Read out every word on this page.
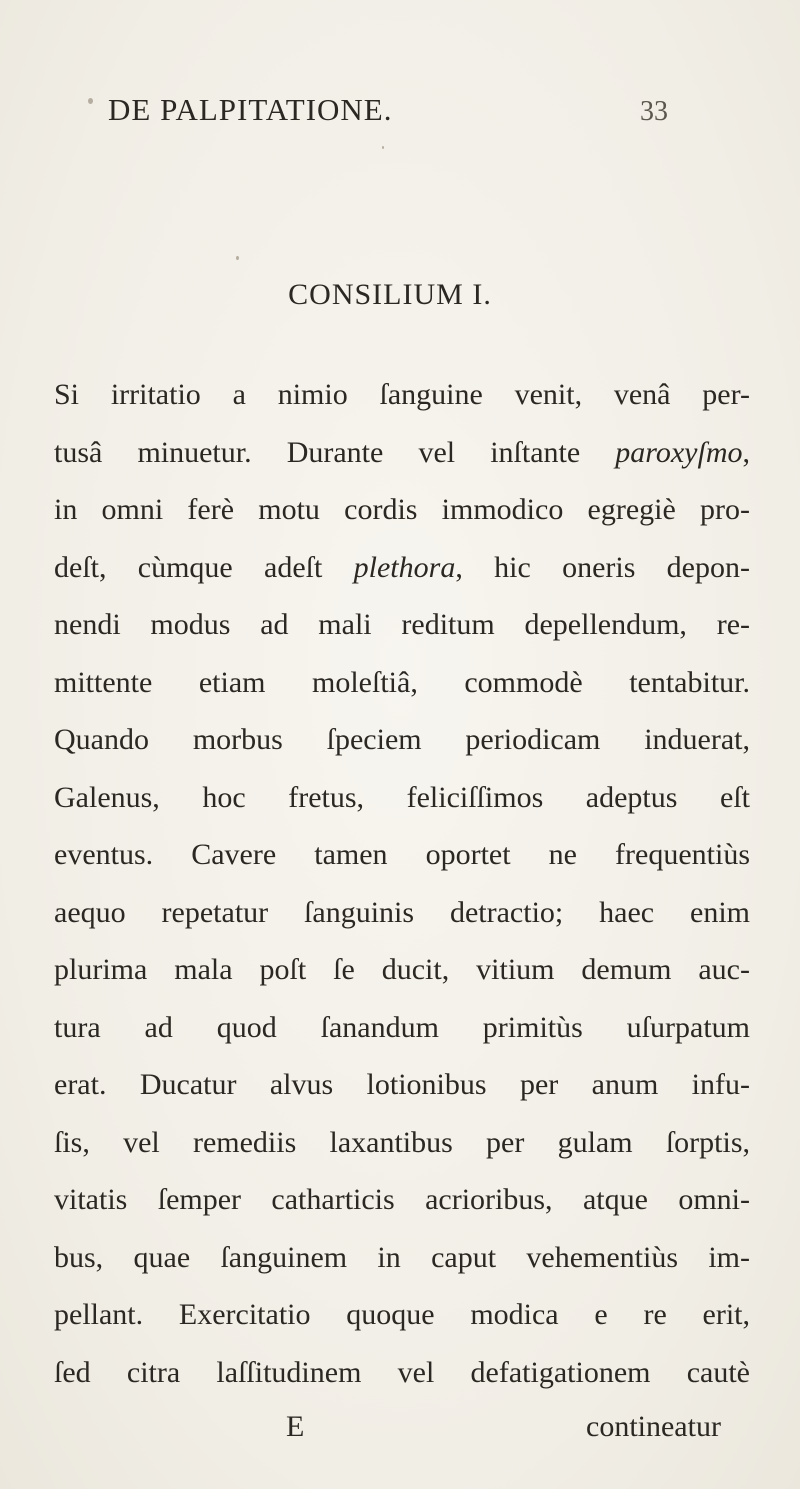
DE PALPITATIONE.	33
CONSILIUM I.
Si irritatio a nimio ſanguine venit, venâ per-
tusâ minuetur. Durante vel inſtante paroxyſmo,
in omni ferè motu cordis immodico egregiè pro-
deſt, cùmque adeſt plethora, hic oneris depon-
nendi modus ad mali reditum depellendum, re-
mittente etiam moleſtiâ, commodè tentabitur.
Quando morbus ſpeciem periodicam induerat,
Galenus, hoc fretus, feliciſſimos adeptus eſt
eventus. Cavere tamen oportet ne frequentiùs
aequo repetatur ſanguinis detractio; haec enim
plurima mala poſt ſe ducit, vitium demum auc-
tura ad quod ſanandum primitùs uſurpatum
erat. Ducatur alvus lotionibus per anum infu-
ſis, vel remediis laxantibus per gulam ſorptis,
vitatis ſemper catharticis acrioribus, atque omni-
bus, quae ſanguinem in caput vehementiùs im-
pellant. Exercitatio quoque modica e re erit,
ſed citra laſſitudinem vel defatigationem cautè
E	contineatur
